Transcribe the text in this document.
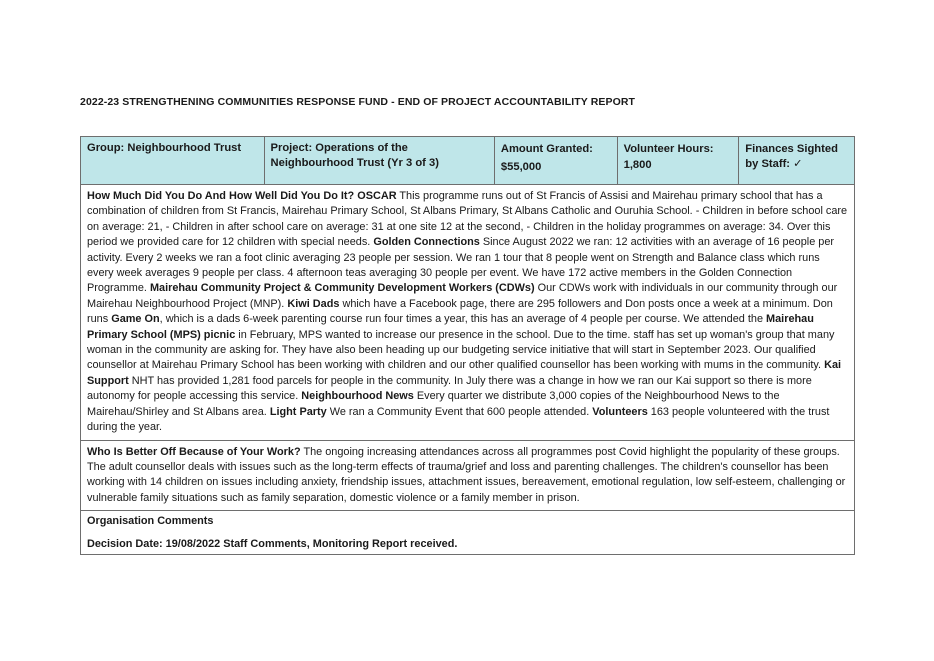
2022-23 STRENGTHENING COMMUNITIES RESPONSE FUND - END OF PROJECT ACCOUNTABILITY REPORT
Group: Neighbourhood Trust	Project: Operations of the Neighbourhood Trust (Yr 3 of 3)
Amount Granted:
$55,000
Volunteer Hours:
1,800
Finances Sighted by Staff: ✓
How Much Did You Do And How Well Did You Do It? OSCAR This programme runs out of St Francis of Assisi and Mairehau primary school that has a combination of children from St Francis, Mairehau Primary School, St Albans Primary, St Albans Catholic and Ouruhia School. - Children in before school care on average: 21, - Children in after school care on average: 31 at one site 12 at the second, - Children in the holiday programmes on average: 34. Over this period we provided care for 12 children with special needs. Golden Connections Since August 2022 we ran: 12 activities with an average of 16 people per activity. Every 2 weeks we ran a foot clinic averaging 23 people per session. We ran 1 tour that 8 people went on Strength and Balance class which runs every week averages 9 people per class. 4 afternoon teas averaging 30 people per event. We have 172 active members in the Golden Connection Programme. Mairehau Community Project & Community Development Workers (CDWs) Our CDWs work with individuals in our community through our Mairehau Neighbourhood Project (MNP). Kiwi Dads which have a Facebook page, there are 295 followers and Don posts once a week at a minimum. Don runs Game On, which is a dads 6-week parenting course run four times a year, this has an average of 4 people per course. We attended the Mairehau Primary School (MPS) picnic in February, MPS wanted to increase our presence in the school. Due to the time. staff has set up woman's group that many woman in the community are asking for. They have also been heading up our budgeting service initiative that will start in September 2023. Our qualified counsellor at Mairehau Primary School has been working with children and our other qualified counsellor has been working with mums in the community. Kai Support NHT has provided 1,281 food parcels for people in the community. In July there was a change in how we ran our Kai support so there is more autonomy for people accessing this service. Neighbourhood News Every quarter we distribute 3,000 copies of the Neighbourhood News to the Mairehau/Shirley and St Albans area. Light Party We ran a Community Event that 600 people attended. Volunteers 163 people volunteered with the trust during the year.
Who Is Better Off Because of Your Work? The ongoing increasing attendances across all programmes post Covid highlight the popularity of these groups. The adult counsellor deals with issues such as the long-term effects of trauma/grief and loss and parenting challenges. The children's counsellor has been working with 14 children on issues including anxiety, friendship issues, attachment issues, bereavement, emotional regulation, low self-esteem, challenging or vulnerable family situations such as family separation, domestic violence or a family member in prison.

Organisation Comments

Decision Date: 19/08/2022 Staff Comments, Monitoring Report received.
